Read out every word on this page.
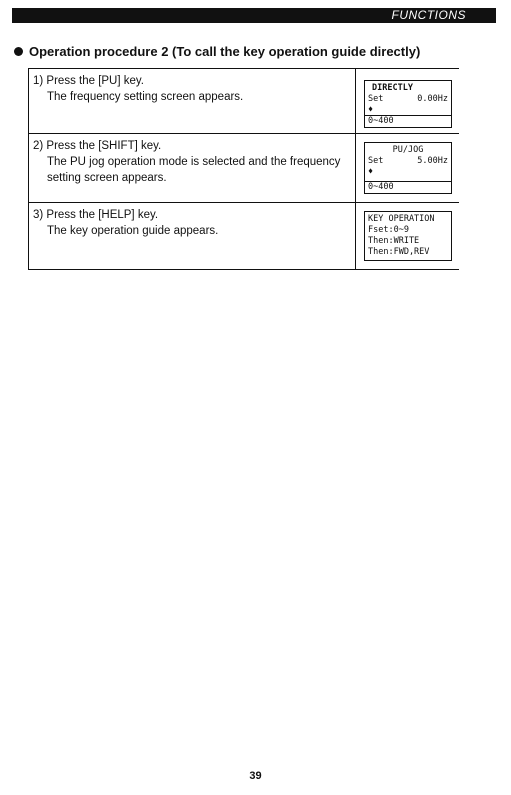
FUNCTIONS
Operation procedure 2 (To call the key operation guide directly)
1) Press the [PU] key.
The frequency setting screen appears.
DIRECTLY
Set	0.00Hz
♦
0~400
2) Press the [SHIFT] key.
The PU jog operation mode is selected and the frequency setting screen appears.
PU/JOG
Set	5.00Hz
♦
0~400
3) Press the [HELP] key.
The key operation guide appears.
KEY OPERATION
Fset:0~9
Then:WRITE
Then:FWD,REV
39
